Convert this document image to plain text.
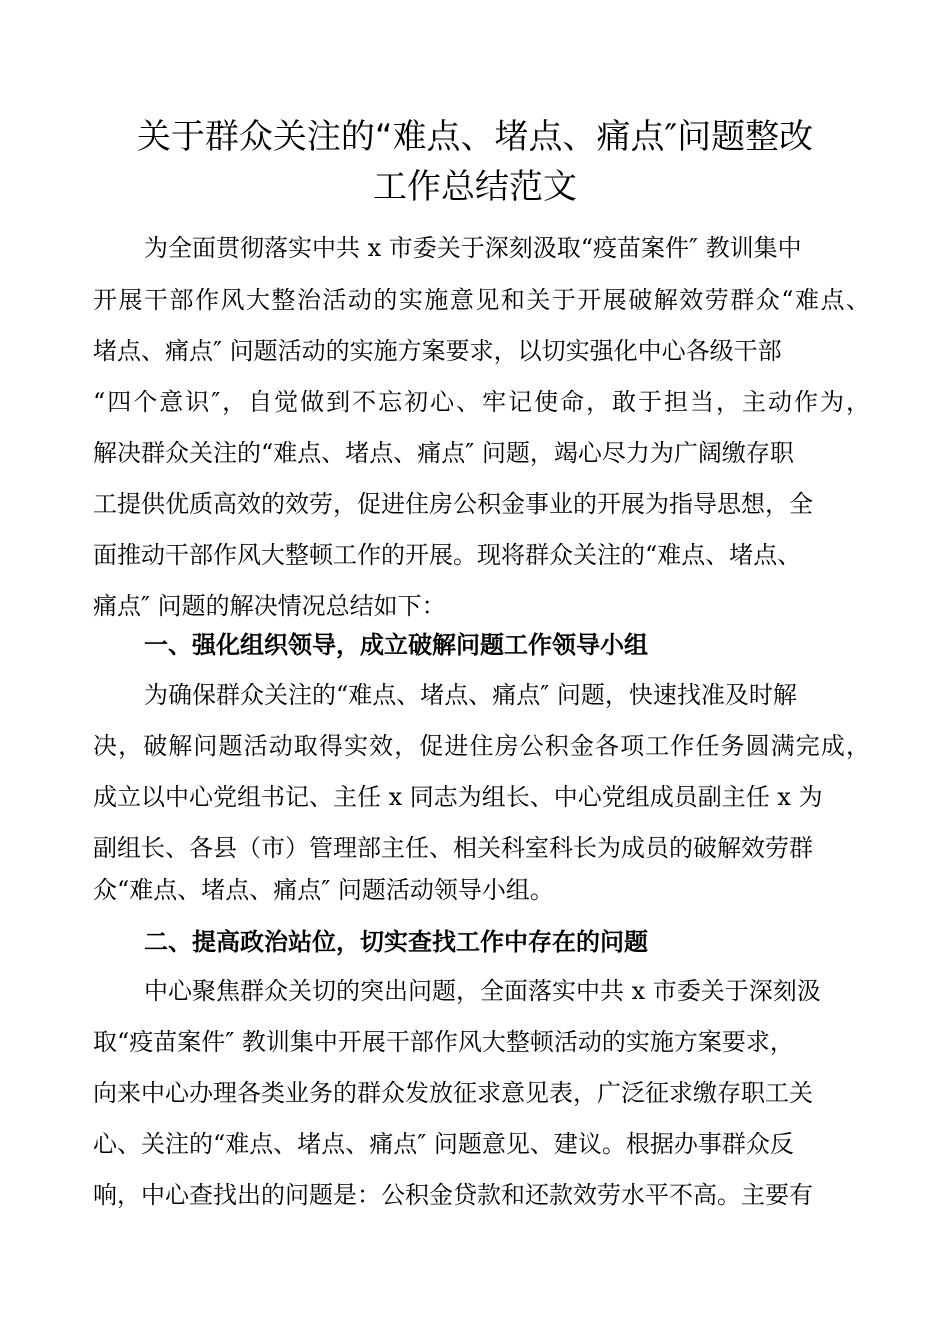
关于群众关注的“难点、堵点、痛点″问题整改
工作总结范文

为全面贯彻落实中共 x 市委关于深刻汲取“疫苗案件″ 教训集中

开展干部作风大整治活动的实施意见和关于开展破解效劳群众“难点、

堵点、痛点″ 问题活动的实施方案要求，以切实强化中心各级干部

“四个意识″，自觉做到不忘初心、牢记使命，敢于担当，主动作为，

解决群众关注的“难点、堵点、痛点″ 问题，竭心尽力为广阔缴存职

工提供优质高效的效劳，促进住房公积金事业的开展为指导思想，全

面推动干部作风大整顿工作的开展。现将群众关注的“难点、堵点、

痛点″ 问题的解决情况总结如下：

一、强化组织领导，成立破解问题工作领导小组

为确保群众关注的“难点、堵点、痛点″ 问题，快速找准及时解

决，破解问题活动取得实效，促进住房公积金各项工作任务圆满完成，

成立以中心党组书记、主任 x 同志为组长、中心党组成员副主任 x 为

副组长、各县（市）管理部主任、相关科室科长为成员的破解效劳群

众“难点、堵点、痛点″ 问题活动领导小组。

二、提高政治站位，切实查找工作中存在的问题

中心聚焦群众关切的突出问题，全面落实中共 x 市委关于深刻汲

取“疫苗案件″ 教训集中开展干部作风大整顿活动的实施方案要求，

向来中心办理各类业务的群众发放征求意见表，广泛征求缴存职工关

心、关注的“难点、堵点、痛点″ 问题意见、建议。根据办事群众反

响，中心查找出的问题是：公积金贷款和还款效劳水平不高。主要有
